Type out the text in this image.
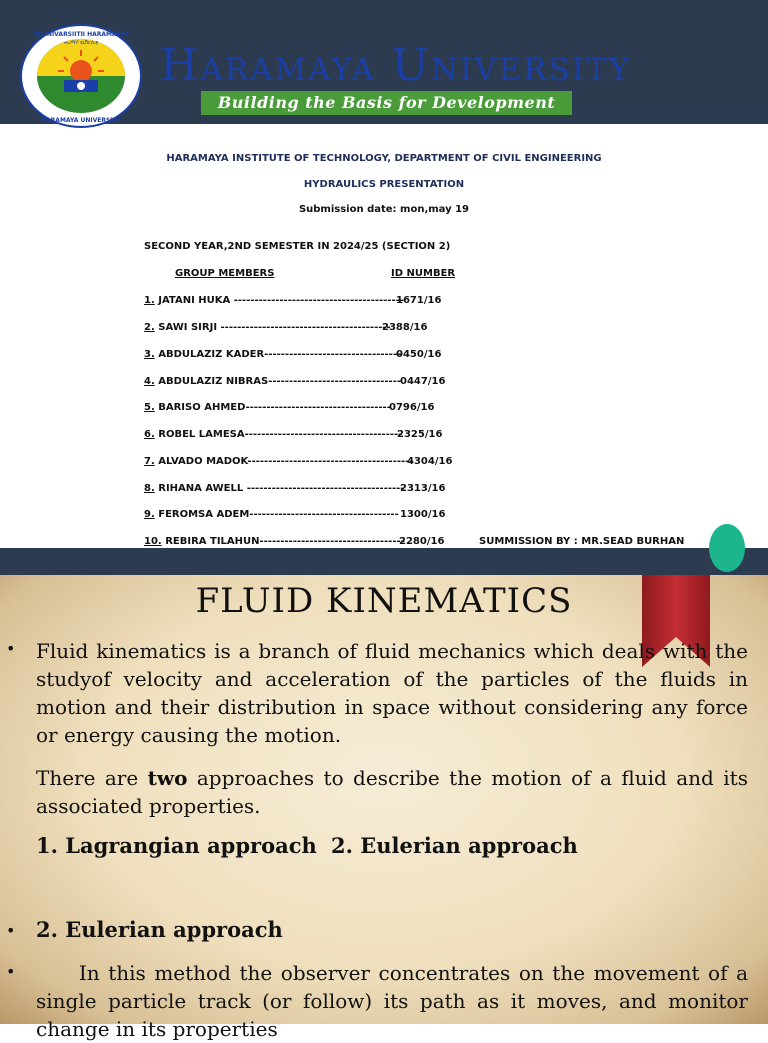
YUUNIVARSIITII HARAMAYAA
ሐረማያ ዩኒቨርሲቲ
HARAMAYA UNIVERSITY
Haramaya University
Building the Basis for Development
HARAMAYA INSTITUTE OF TECHNOLOGY, DEPARTMENT OF CIVIL ENGINEERING
HYDRAULICS PRESENTATION
Submission date: mon,may 19
SECOND YEAR,2ND SEMESTER IN 2024/25 (SECTION 2)
GROUP MEMBERS	ID NUMBER
1. JATANI HUKA -----------------------------------------
1671/16
2. SAWI SIRJI -----------------------------------------
2388/16
3. ABDULAZIZ KADER---------------------------------
0450/16
4. ABDULAZIZ NIBRAS--------------------------------
0447/16
5. BARISO AHMED-----------------------------------
0796/16
6. ROBEL LAMESA--------------------------------------
2325/16
7. ALVADO MADOK----------------------------------------
4304/16
8. RIHANA AWELL --------------------------------------
2313/16
9. FEROMSA ADEM------------------------------------ 1300/16
10. REBIRA TILAHUN-----------------------------------
2280/16	SUMMISSION BY : MR.SEAD BURHAN
FLUID KINEMATICS
• Fluid kinematics is a branch of fluid mechanics which deals with the studyof velocity and acceleration of the particles of the fluids in motion and their distribution in space without considering any force or energy causing the motion.
There are two approaches to describe the motion of a fluid and its associated properties.
1. Lagrangian approach 2. Eulerian approach
• 2. Eulerian approach
• In this method the observer concentrates on the movement of a single particle track (or follow) its path as it moves, and monitor change in its properties
